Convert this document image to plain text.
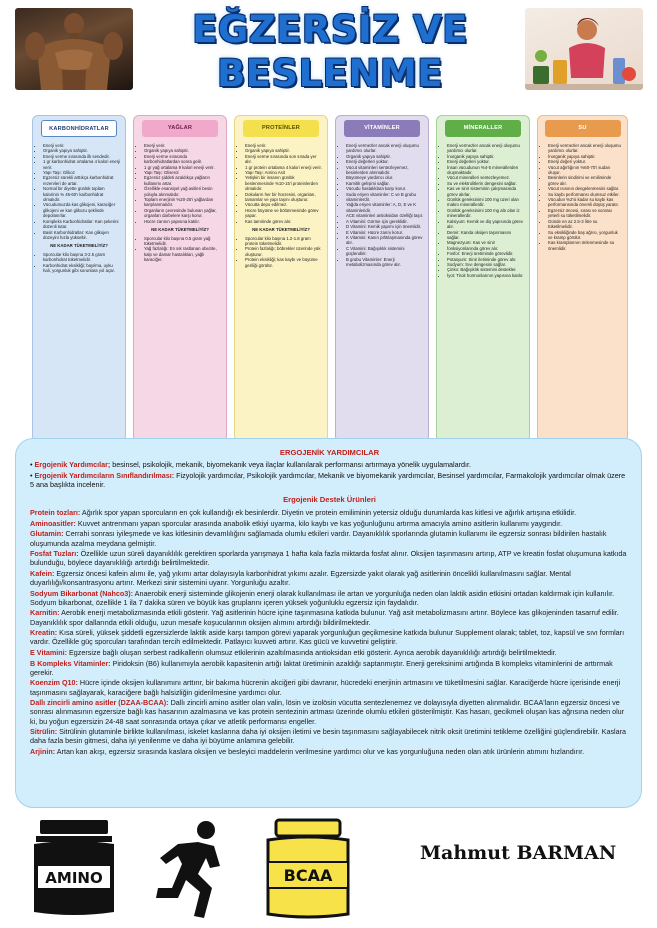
EĞZERSİZ VE
BESLENME
KARBONHİDRATLAR
• Enerji verir.
• Organik yapıya sahiptir.
• Enerji verme sırasında ilk sendedir.
• 1 gr karbonhidrat ortalama 4 kalori enerji verir.
• Yapı Taşı: Glikoz
• Egzersiz sürekli arttıkça karbonhidrat rezervleri de artar.
• Normal bir diyette günlük toplam kalorinin % 45-60'ı karbonhidrat olmalıdır.
• Vücudumuzda kas glikojeni, karaciğer glikojeni ve kan glikozu şeklinde depolanırlar.
• Kompleks Karbonhidratlar: Kan şekerini düzenli tutar.
• Basit Karbonhidratlar: Kan glikojen düzeyini hızla yükseltir.
NE KADAR TÜKETMELİYİZ?
• Sporcular kilo başına 3-2.5 gram karbonhidrat tüketmelidir.
• Karbonhidrat eksikliği; bayılma, uyku hali, yorgunluk gibi sorunlara yol açar.
YAĞLAR
• Enerji verir.
• Organik yapıya sahiptir.
• Enerji verme sırasında karbonhidratlardan sonra gelir.
• 1 gr yağ ortalama 9 kalori enerji verir.
• Yapı Taşı: Gliserol
• Egzersiz şiddeti azaldıkça yağların kullanımı artar.
• Özellikle esansiyel yağ asitleri besin yoluyla alınmalıdır.
• Toplam enerjinin %20-25'i yağlardan karşılanmalıdır.
• Organların çevresinde bulunan yağlar, organları darbelere karşı korur.
• Hücre zarının yapısına katılır.
NE KADAR TÜKETMELİYİZ?
• Sporcular kilo başına 0.5 gram yağ tüketmelidir.
• Yağ fazlalığı: En sık rastlanan obezite, kalp ve damar hastalıkları, yağlı karaciğer.
PROTEİNLER
• Enerji verir.
• Organik yapıya sahiptir.
• Enerji verme sırasında son sırada yer alır.
• 1 gr protein ortalama 4 kalori enerji verir.
• Yapı Taşı: Amino Asit
• Yetişkin bir insanın günlük beslenmesinde %10-15'i proteinlerden olmalıdır.
• Dokuların her bir hücresini, organları, tamamlar ve yapı taşını oluşturur.
• Vücutta depo edilmez.
• Hücre büyüme ve bölünmesinde görev yapar.
• Kas tamirinde görev alır.
NE KADAR TÜKETMELİYİZ?
• Sporcular kilo başına 1.2-1.8 gram protein tüketmelidir.
• Protein fazlalığı; böbrekler üzerinde yük oluşturur.
• Protein eksikliği; kas kaybı ve büyüme geriliği görülür.
VİTAMİNLER
• Enerji vermezler ancak enerji oluşumu yardımcı olurlar.
• Organik yapıya sahiptir.
• Enerji değerleri yoktur.
• Vücut vitaminleri sentezleyemez, besinlerden alınmalıdır.
• Büyümeye yardımcı olur.
• Karnitik gelişimi sağlar.
• Vücudu hastalıklara karşı korur.
• Suda eriyen vitaminler: C ve B grubu vitaminlerdir.
• Yağda eriyen vitaminler: A, D, E ve K vitaminleridir.
• ACE vitaminleri antioksidan özelliği taşır.
• A Vitamini: Görme için gereklidir.
• D Vitamini: Kemik yapımı için önemlidir.
• E Vitamini: Hücre zarını korur.
• K Vitamini: Kanın pıhtılaşmasında görev alır.
• C Vitamini: Bağışıklık sistemini güçlendirir.
• B grubu Vitaminler: Enerji metabolizmasında görev alır.
MİNERALLER
• Enerji vermezler ancak enerji oluşumu yardımcı olurlar.
• İnorganik yapıya sahiptir.
• Enerji değerleri yoktur.
• İnsan vücudunun %4-5 minerallerden oluşmaktadır.
• Vücut mineralleri sentezleyemez.
• Su ve elektrolitlerin dengesini sağlar.
• Kas ve sinir sisteminin çalışmasında görev alırlar.
• Günlük gereksinimi 100 mg üzeri olan makro minerallerdir.
• Günlük gereksinimi 100 mg altı olan iz minerallerdir.
• Kalsiyum: Kemik ve diş yapısında görev alır.
• Demir: Kanda oksijen taşınmasını sağlar.
• Magnezyum: Kas ve sinir fonksiyonlarında görev alır.
• Fosfor: Enerji üretiminde görevlidir.
• Potasyum: Sinir iletiminde görev alır.
• Sodyum: Sıvı dengesini sağlar.
• Çinko: Bağışıklık sistemini destekler.
• İyot: Tiroit hormonlarının yapısına katılır.
SU
• Enerji vermezler ancak enerji oluşumu yardımcı olurlar.
• İnorganik yapıya sahiptir.
• Enerji değeri yoktur.
• Vücut ağırlığının %60-70'i sudan oluşur.
• Besinlerin sindirimi ve emiliminde görev alır.
• Vücut ısısının dengelenmesini sağlar.
• Su kaybı performansı olumsuz etkiler.
• Vücudun %2'si kadar su kaybı kas performansında önemli düşüş yaratır.
• Egzersiz öncesi, sırası ve sonrası yeterli su tüketilmelidir.
• Günde en az 2.5-3 litre su tüketilmelidir.
• Su eksikliğinde baş ağrısı, yorgunluk ve kramp görülür.
• Kas kramplarının önlenmesinde su önemlidir.
ERGOJENİK YARDIMCILAR
• Ergojenik Yardımcılar; besinsel, psikolojik, mekanik, biyomekanik veya ilaçlar kullanılarak performansı artırmaya yönelik uygulamalardır.
• Ergojenik Yardımcıların Sınıflandırılması: Fizyolojik yardımcılar, Psikolojik yardımcılar, Mekanik ve biyomekanik yardımcılar, Besinsel yardımcılar, Farmakolojik yardımcılar olmak üzere 5 ana başlıkta incelenir.
Ergojenik Destek Ürünleri
Protein tozları: Ağırlık spor yapan sporcuların en çok kullandığı ek besinlerdir. Diyetin ve protein emiliminin yetersiz olduğu durumlarda kas kitlesi ve ağırlık artışına etkilidir.
Aminoasitler: Kuvvet antrenmanı yapan sporcular arasında anabolik etkiyi uyarma, kilo kaybı ve kas yoğunluğunu artırma amacıyla amino asitlerin kullanımı yaygındır.
Glutamin: Cerrahi sonrası iyileşmede ve kas kitlesinin devamlılığını sağlamada olumlu etkileri vardır. Dayanıklılık sporlarında glutamin kullanımı ile egzersiz sonrası bildirilen hastalık oluşumunda azalma meydana gelmiştir.
Fosfat Tuzları: Özellikle uzun süreli dayanıklılık gerektiren sporlarda yarışmaya 1 hafta kala fazla miktarda fosfat alınır. Oksijen taşınmasını artırıp, ATP ve kreatin fosfat oluşumuna katkıda bulunduğu, böylece dayanıklılığı artırdığı belirtilmektedir.
Kafein: Egzersiz öncesi kafein alımı ile, yağ yıkımı artar dolayısıyla karbonhidrat yıkımı azalır. Egzersizde yakıt olarak yağ asitlerinin öncelikli kullanılmasını sağlar. Mental duyarlılığı/konsantrasyonu artırır. Merkezi sinir sistemini uyarır. Yorgunluğu azaltır.
Sodyum Bikarbonat (Nahco3): Anaerobik enerji sisteminde glikojenin enerji olarak kullanılması ile artan ve yorgunluğa neden olan laktik asidin etkisini ortadan kaldırmak için kullanılır. Sodyum bikarbonat, özellikle 1 ila 7 dakika süren ve büyük kas gruplarını içeren yüksek yoğunluklu egzersiz için faydalıdır.
Karnitin: Aerobik enerji metabolizmasında etkili gösterir. Yağ asitlerinin hücre içine taşınmasına katkıda bulunur. Yağ asit metabolizmasını artırır. Böylece kas glikojeninden tasarruf edilir. Dayanıklılık spor dallarında etkili olduğu, uzun mesafe koşucularının oksijen alımını artırdığı bildirilmektedir.
Kreatin: Kısa süreli, yüksek şiddetli egzersizlerde laktik aside karşı tampon görevi yaparak yorgunluğun geçikmesine katkıda bulunur Supplement olarak; tablet, toz, kapsül ve sıvı formları vardır. Özellikle güç sporcuları tarafından tercih edilmektedir. Patlayıcı kuvveti artırır. Kas gücü ve kuvvetini geliştirir.
E Vitamini: Egzersize bağlı oluşan serbest radikallerin olumsuz etkilerinin azaltılmasında antioksidan etki gösterir. Ayrıca aerobik dayanıklılığı artırdığı belirtilmektedir.
B Kompleks Vitaminler: Piridoksin (B6) kullanımıyla aerobik kapasitenin artığı laktat üretiminin azaldığı saptanmıştır. Enerji gereksinimi artığında B kompleks vitaminlerini de arttırmak gerekir.
Koenzim Q10: Hücre içinde oksijen kullanımını arttırır, bir bakıma hücrenin akciğeri gibi davranır, hücredeki enerjinin artmasını ve tüketilmesini sağlar. Karaciğerde hücre içerisinde enerji taşınmasını sağlayarak, karaciğere bağlı halsizliğin giderilmesine yardımcı olur.
Dallı zincirli amino asitler (DZAA-BCAA): Dallı zincirli amino asitler olan valin, lösin ve izolösin vücutta sentezlenemez ve dolayısıyla diyetten alınmalıdır. BCAA'ların egzersiz öncesi ve sonrası alınmasının egzersize bağlı kas hasarının azalmasına ve kas protein sentezinin artması üzerinde olumlu etkileri gösterilmiştir. Kas hasarı, gecikmeli oluşan kas ağrısına neden olur ki, bu yoğun egzersizin 24-48 saat sonrasında ortaya çıkar ve atletik performansı engeller.
Sitrülin: Sitrülinin glutaminle birlikte kullanılması, iskelet kaslarına daha iyi oksijen iletimi ve besin taşınmasını sağlayabilecek nitrik oksit üretimini tetikleme özelliğini güçlendirebilir. Kaslara daha fazla besin gitmesi, daha iyi yenilenme ve daha iyi büyüme anlamına gelebilir.
Arjinin: Artan kan akışı, egzersiz sırasında kaslara oksijen ve besleyici maddelerin verilmesine yardımcı olur ve kas yorgunluğuna neden olan atık ürünlerin atımını hızlandırır.
AMINO	BCAA
Mahmut BARMAN
